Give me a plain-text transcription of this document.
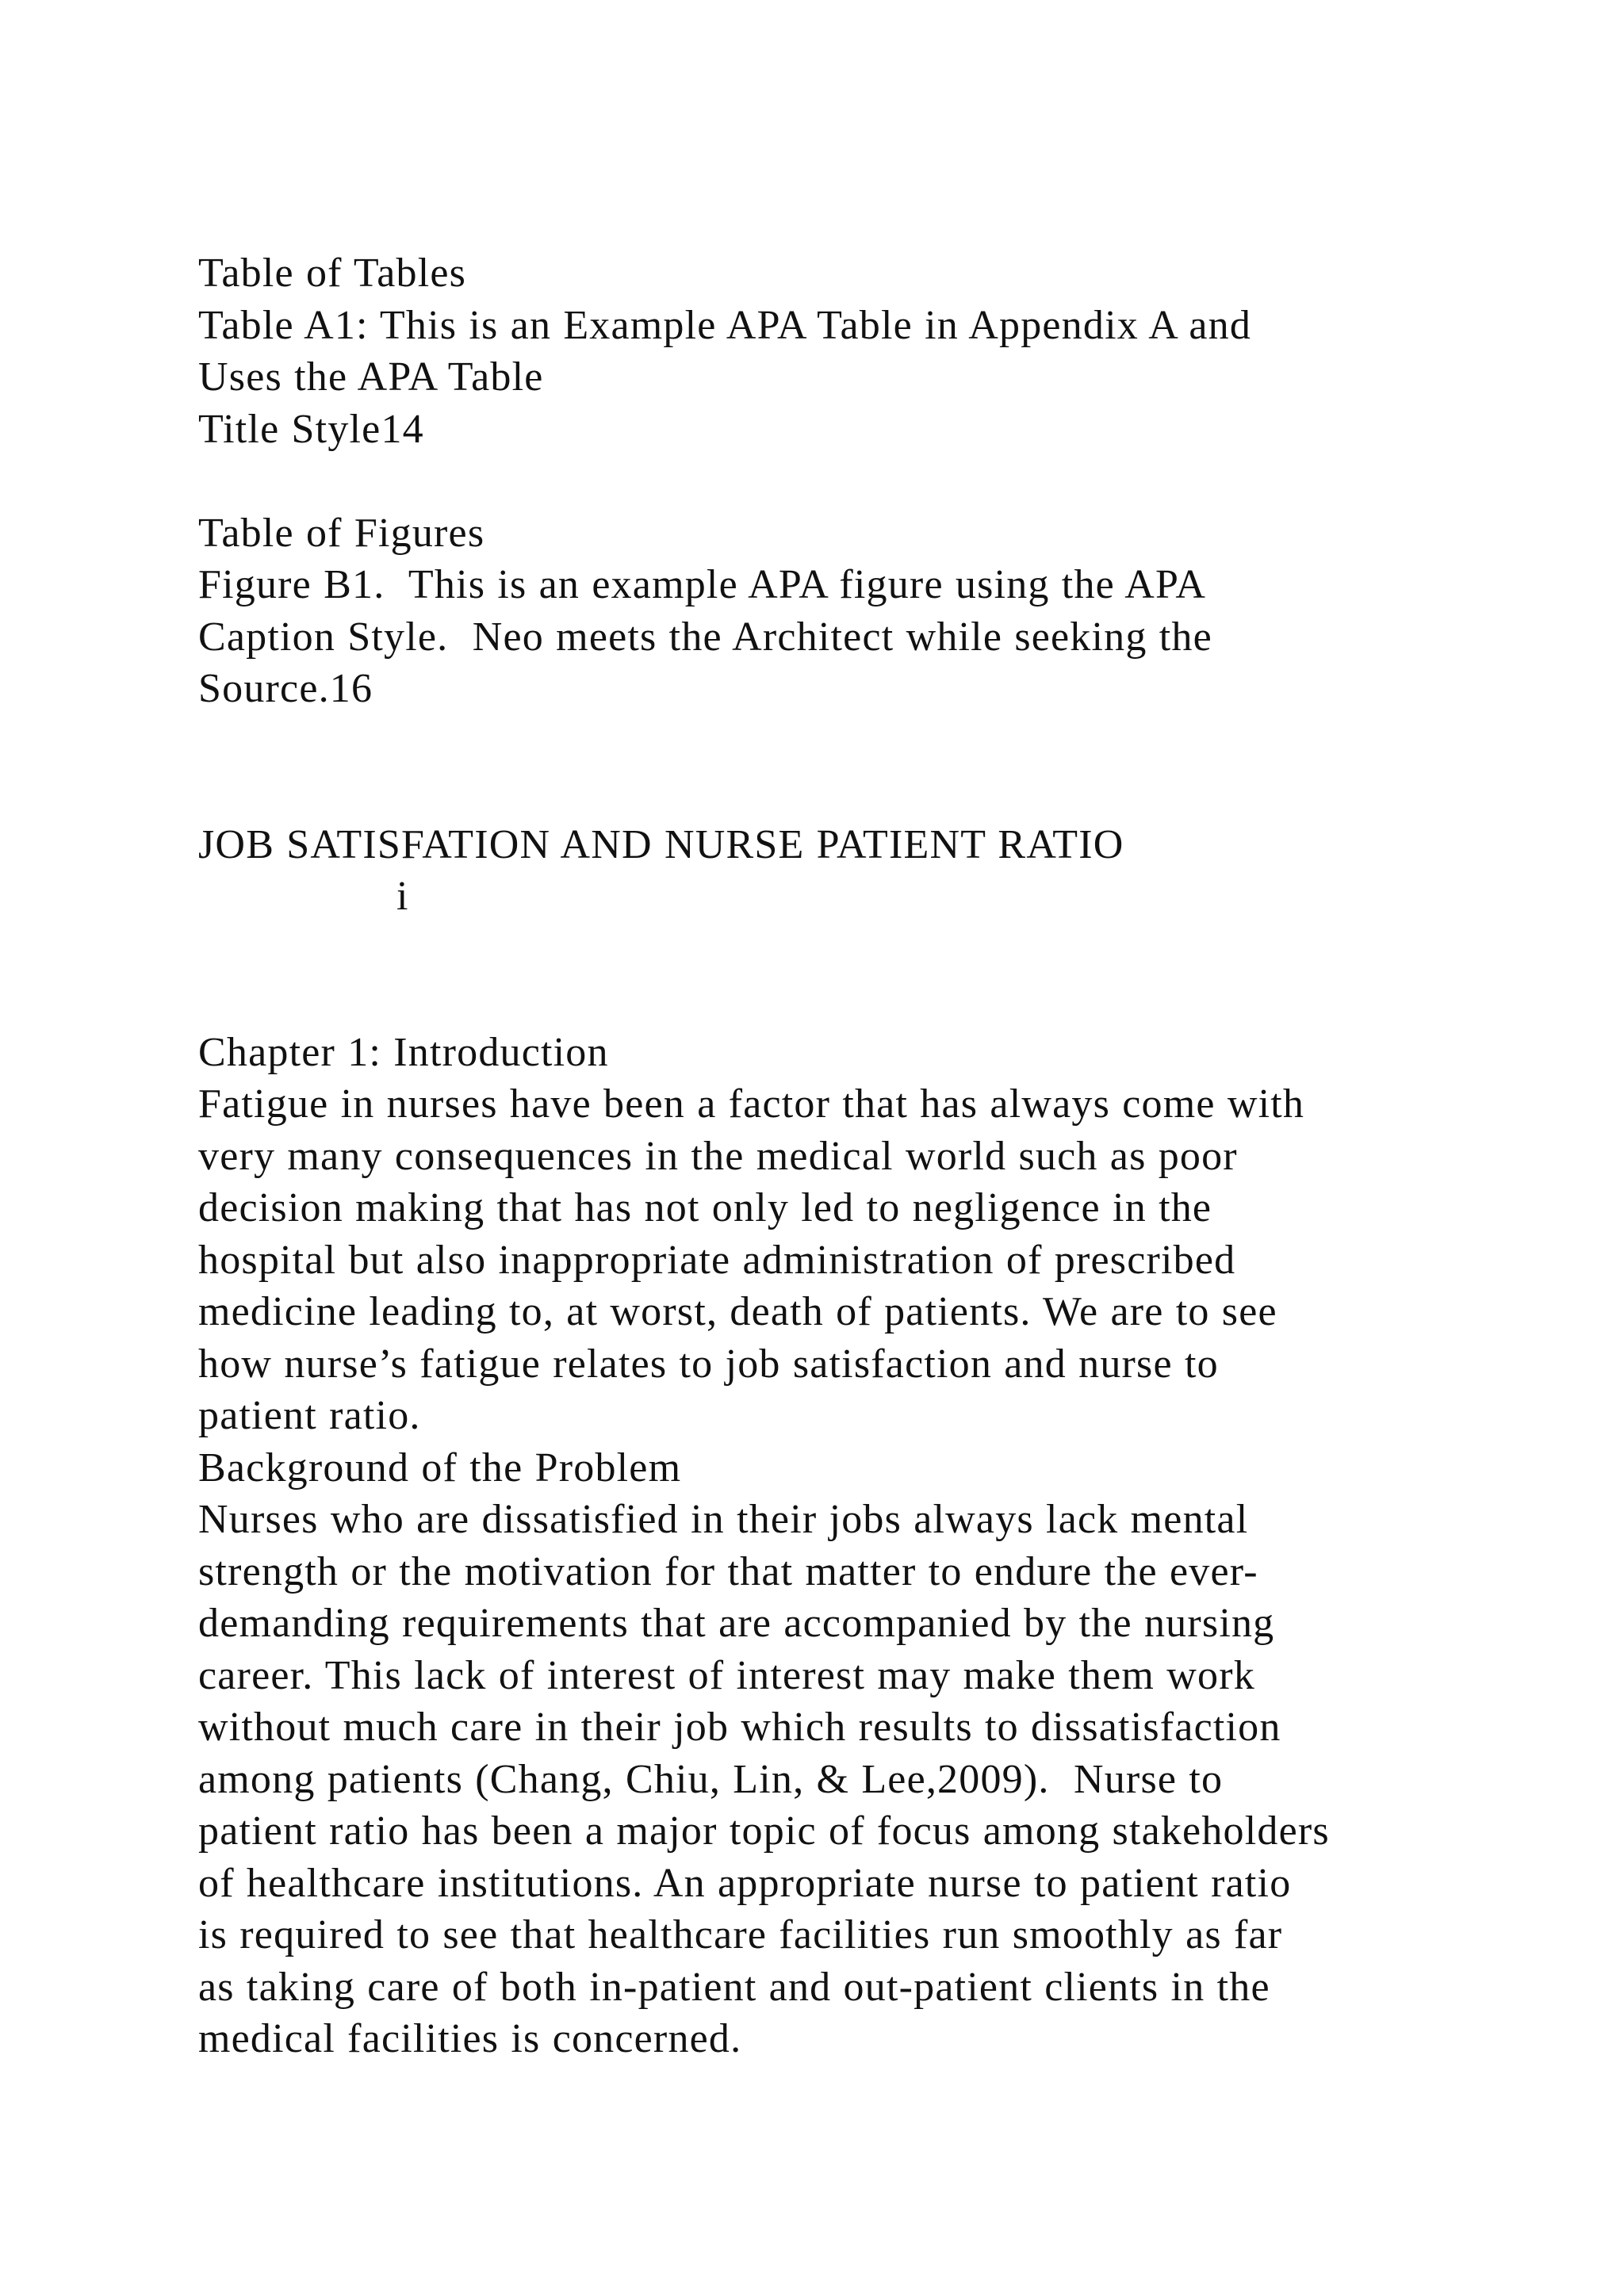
Table of Tables
Table A1: This is an Example APA Table in Appendix A and
Uses the APA Table
Title Style14
Table of Figures
Figure B1.  This is an example APA figure using the APA
Caption Style.  Neo meets the Architect while seeking the
Source.16
JOB SATISFATION AND NURSE PATIENT RATIO
i
Chapter 1: Introduction
Fatigue in nurses have been a factor that has always come with
very many consequences in the medical world such as poor
decision making that has not only led to negligence in the
hospital but also inappropriate administration of prescribed
medicine leading to, at worst, death of patients. We are to see
how nurse’s fatigue relates to job satisfaction and nurse to
patient ratio.
Background of the Problem
Nurses who are dissatisfied in their jobs always lack mental
strength or the motivation for that matter to endure the ever-
demanding requirements that are accompanied by the nursing
career. This lack of interest of interest may make them work
without much care in their job which results to dissatisfaction
among patients (Chang, Chiu, Lin, & Lee,2009).  Nurse to
patient ratio has been a major topic of focus among stakeholders
of healthcare institutions. An appropriate nurse to patient ratio
is required to see that healthcare facilities run smoothly as far
as taking care of both in-patient and out-patient clients in the
medical facilities is concerned.
